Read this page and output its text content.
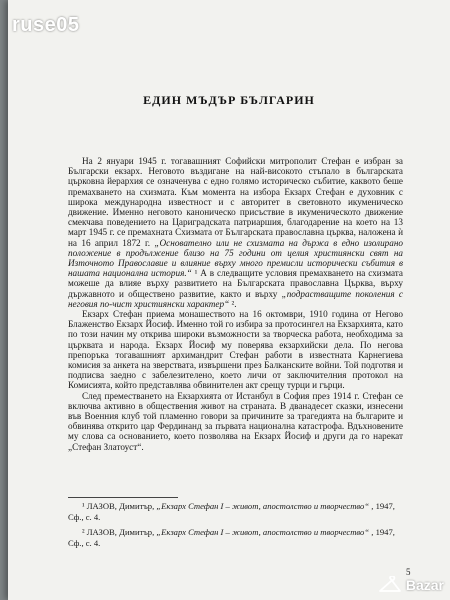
ЕДИН МЪДЪР БЪЛГАРИН

На 2 януари 1945 г. тогавашният Софийски митрополит Стефан е избран за Български екзарх. Неговото въздигане на най-високото стъпало в българската църковна йерархия се означенува с едно голямо историческо събитие, каквото беше премахването на схизмата. Към момента на избора Екзарх Стефан е духовник с широка международна известност и с авторитет в световното икуменическо движение. Именно неговото каноническо присъствие в икуменическото движение смекчава поведението на Цариградската патриаршия, благодарение на което на 13 март 1945 г. се премахната Схизмата от Българската православна църква, наложена ѝ на 16 април 1872 г. „Основателно или не схизмата на държа в едно изолирано положение в продължение близо на 75 години от целия християнски свят на Източното Православие и влияние върху много премисли исторически събития в нашата национална история.“ ¹ А в следващите условия премахването на схизмата можеше да влияе върху развитието на Българската православна Църква, върху държавното и обществено развитие, както и върху „подрастващите поколения с неговия по-чист християнски характер“ ².

Екзарх Стефан приема монашеството на 16 октомври, 1910 година от Негово Блаженство Екзарх Йосиф. Именно той го избира за протосингел на Екзархията, като по този начин му открива широки възможности за творческа работа, необходима за църквата и народа. Екзарх Йосиф му поверява екзархийски дела. По негова препоръка тогавашният архимандрит Стефан работи в известната Карнегиева комисия за анкета на зверствата, извършени през Балканските войни. Той подготвя и подписва заедно с забелезителено, което личи от заключителния протокол на Комисията, който представлява обвинителен акт срещу турци и гърци.

След преместването на Екзархията от Истанбул в София през 1914 г. Стефан се включва активно в обществения живот на страната. В дванадесет сказки, изнесени във Военния клуб той пламенно говори за причините за трагедията на българите и обвинява открито цар Фердинанд за първата национална катастрофа. Вдъхновените му слова са основанието, което позволява на Екзарх Йосиф и други да го нарекат „Стефан Златоуст“.

¹ ЛАЗОВ, Димитър, „Екзарх Стефан I – живот, апостолство и творчество“ , 1947, Сф., с. 4.

² ЛАЗОВ, Димитър, „Екзарх Стефан I – живот, апостолство и творчество“ , 1947, Сф., с. 4.

5
ruse05
Bazar
